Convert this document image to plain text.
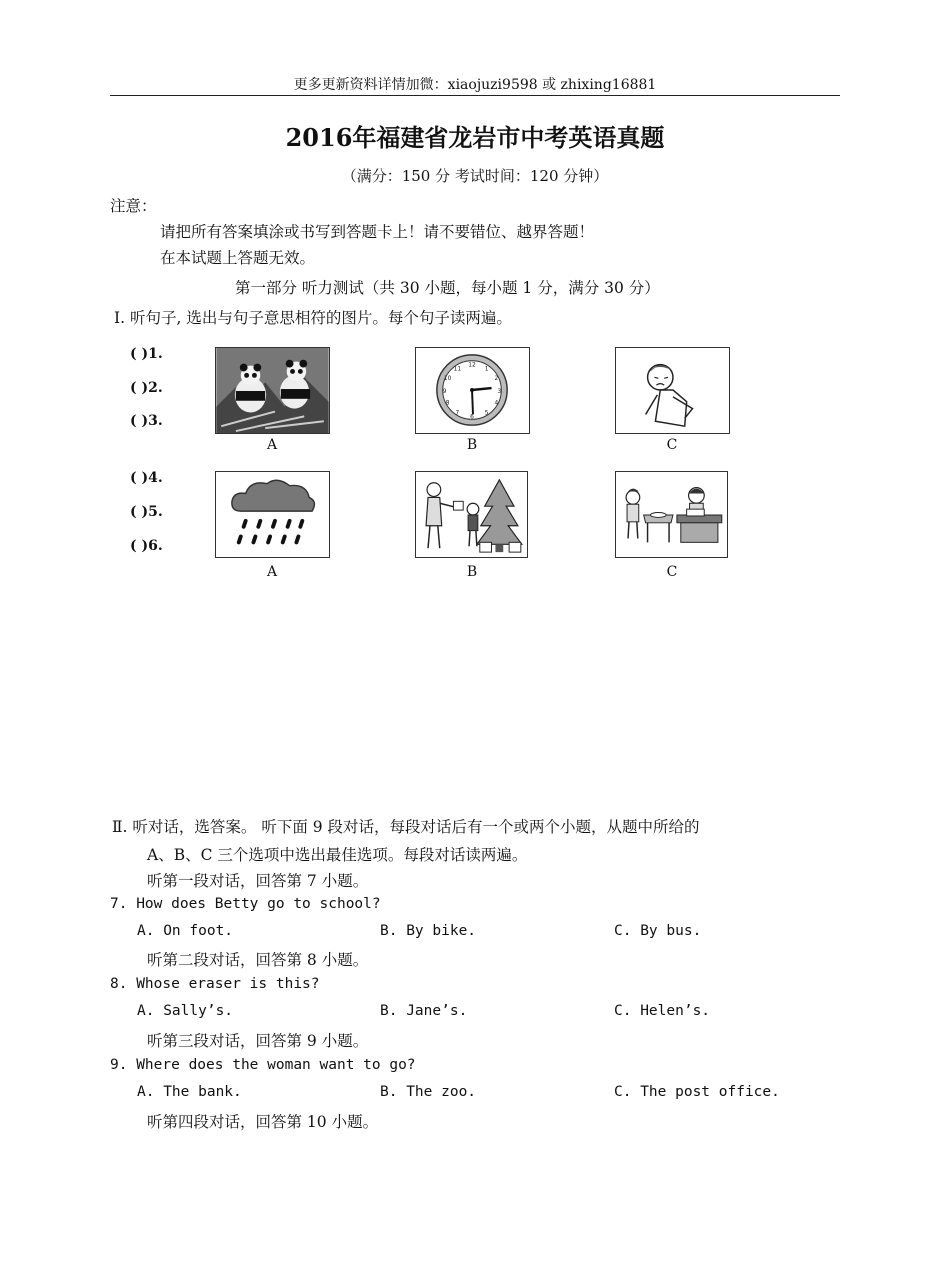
更多更新资料详情加微：xiaojuzi9598 或 zhixing16881
2016年福建省龙岩市中考英语真题
（满分：150 分 考试时间：120 分钟）
注意：
请把所有答案填涂或书写到答题卡上！请不要错位、越界答题！
在本试题上答题无效。
第一部分 听力测试（共 30 小题，每小题 1 分，满分 30 分）
Ⅰ. 听句子, 选出与句子意思相符的图片。每个句子读两遍。
( )1.
( )2.
( )3.
12
1
2
3
4
5
6
7
8
9
10
11
A	B	C
( )4.
( )5.
( )6.
A	B	C
Ⅱ. 听对话，选答案。 听下面 9 段对话，每段对话后有一个或两个小题，从题中所给的
A、B、C 三个选项中选出最佳选项。每段对话读两遍。
听第一段对话，回答第 7 小题。
7. How does Betty go to school?
A. On foot.	B. By bike.	C. By bus.
听第二段对话，回答第 8 小题。
8. Whose eraser is this?
A. Sally’s.	B. Jane’s.	C. Helen’s.
听第三段对话，回答第 9 小题。
9. Where does the woman want to go?
A. The bank.	B. The zoo.	C. The post office.
听第四段对话，回答第 10 小题。
